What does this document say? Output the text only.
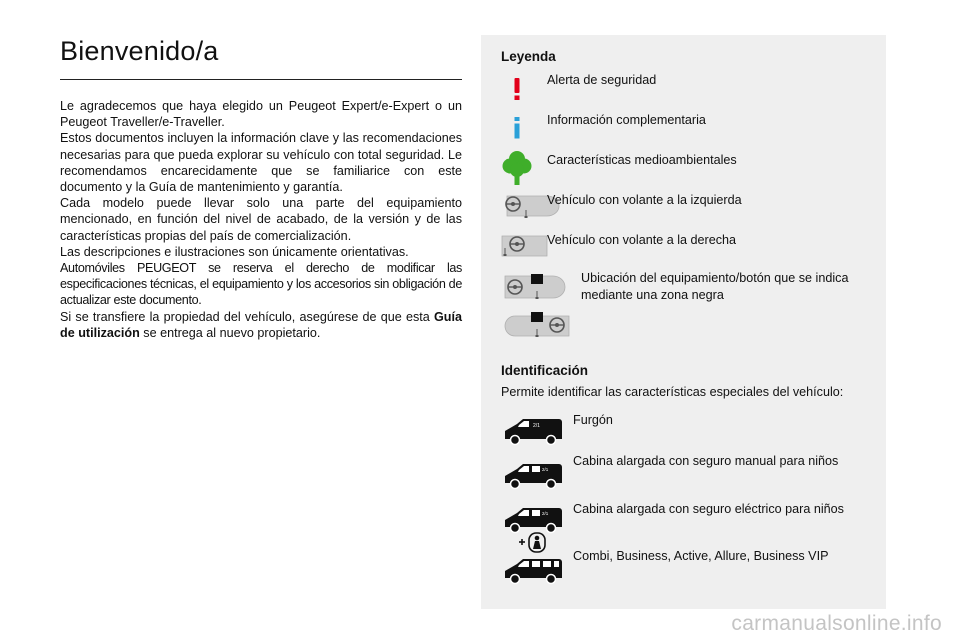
Bienvenido/a

Le agradecemos que haya elegido un Peugeot Expert/e-Expert o un Peugeot Traveller/e-Traveller.

Estos documentos incluyen la información clave y las recomendaciones necesarias para que pueda explorar su vehículo con total seguridad. Le recomendamos encarecidamente que se familiarice con este documento y la Guía de mantenimiento y garantía.

Cada modelo puede llevar solo una parte del equipamiento mencionado, en función del nivel de acabado, de la versión y de las características propias del país de comercialización.

Las descripciones e ilustraciones son únicamente orientativas.

Automóviles PEUGEOT se reserva el derecho de modificar las especificaciones técnicas, el equipamiento y los accesorios sin obligación de actualizar este documento.

Si se transfiere la propiedad del vehículo, asegúrese de que esta Guía de utilización se entrega al nuevo propietario.

Leyenda
Alerta de seguridad
Información complementaria
Características medioambientales
Vehículo con volante a la izquierda
Vehículo con volante a la derecha
Ubicación del equipamiento/botón que se indica mediante una zona negra
Identificación
Permite identificar las características especiales del vehículo:
2/1	Furgón
2/1
Cabina alargada con seguro manual para niños
2/1 Cabina alargada con seguro eléctrico para niños
Combi, Business, Active, Allure, Business VIP
carmanualsonline.info
